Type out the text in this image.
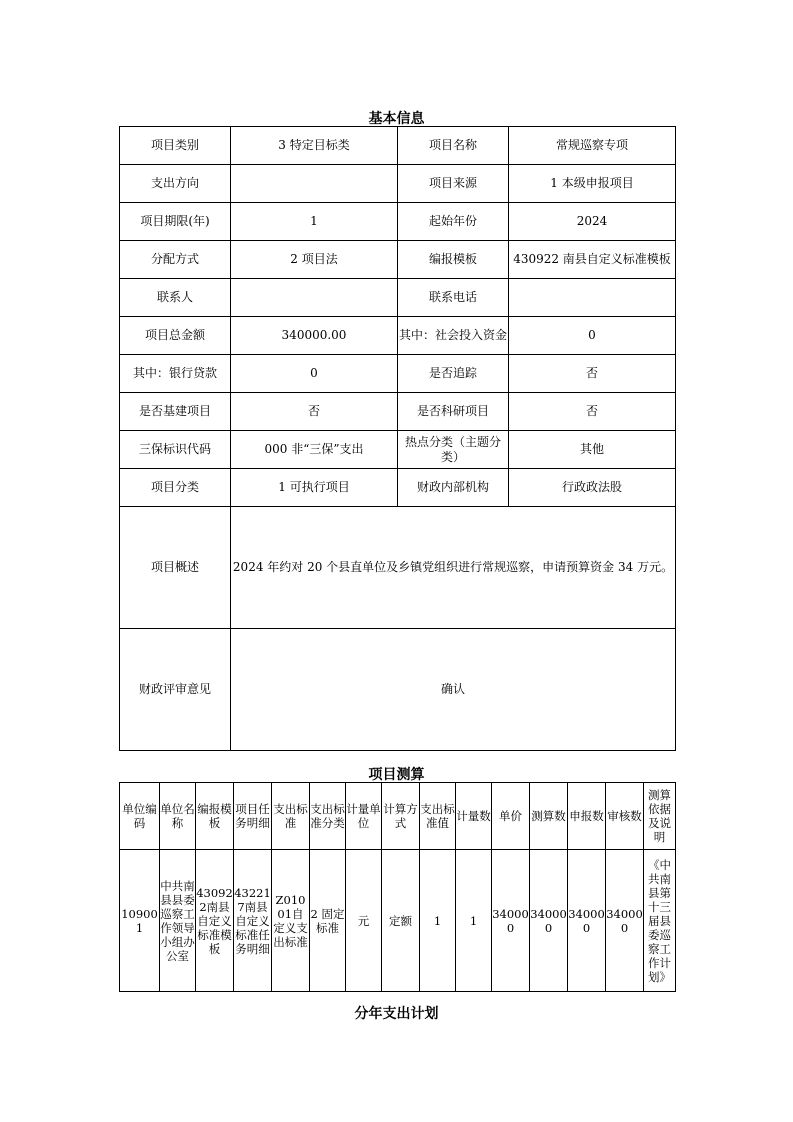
基本信息
项目类别	3 特定目标类	项目名称	常规巡察专项
支出方向		项目来源	1 本级申报项目
项目期限(年)	1	起始年份	2024
分配方式	2 项目法	编报模板	430922 南县自定义标准模板
联系人		联系电话	
项目总金额	340000.00	其中：社会投入资金	0
其中：银行贷款	0	是否追踪	否
是否基建项目	否	是否科研项目	否
三保标识代码	000 非“三保”支出	热点分类（主题分类）	其他
项目分类	1 可执行项目	财政内部机构	行政政法股
项目概述	2024 年约对 20 个县直单位及乡镇党组织进行常规巡察，申请预算资金 34 万元。		
财政评审意见	确认		
项目测算
单位编码	单位名称	编报模板	项目任务明细	支出标准	支出标准分类	计量单位	计算方式	支出标准值	计量数	单价	测算数	申报数	审核数	测算依据及说明
109001	中共南县县委巡察工作领导小组办公室	430922南县自定义标准模板	432217南县自定义标准任务明细	Z01001自定义支出标准	2 固定标准	元	定额	1	1	340000	340000	340000	340000	《中共南县第十三届县委巡察工作计划》
分年支出计划
